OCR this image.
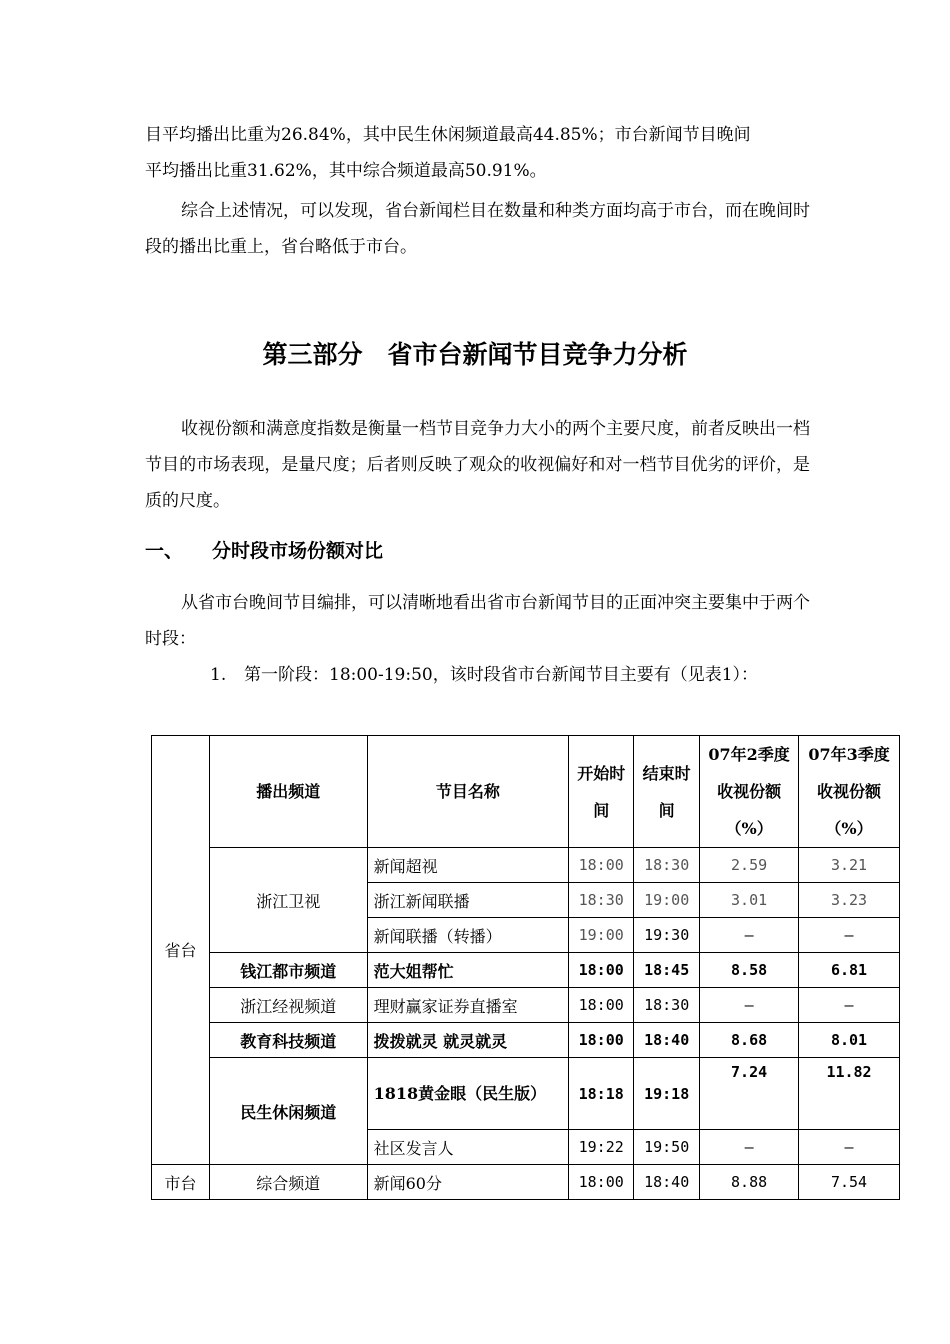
目平均播出比重为26.84%，其中民生休闲频道最高44.85%；市台新闻节目晚间
平均播出比重31.62%，其中综合频道最高50.91%。

综合上述情况，可以发现，省台新闻栏目在数量和种类方面均高于市台，而在晚间时段的播出比重上，省台略低于市台。

第三部分　省市台新闻节目竞争力分析

收视份额和满意度指数是衡量一档节目竞争力大小的两个主要尺度，前者反映出一档节目的市场表现，是量尺度；后者则反映了观众的收视偏好和对一档节目优劣的评价，是质的尺度。

一、 分时段市场份额对比

从省市台晚间节目编排，可以清晰地看出省市台新闻节目的正面冲突主要集中于两个时段：

1. 第一阶段：18:00-19:50，该时段省市台新闻节目主要有（见表1）：

省台	播出频道	节目名称	开始时间	结束时间	07年2季度收视份额（%）	07年3季度收视份额（%）
	浙江卫视	新闻超视	18:00	18:30	2.59	3.21
		浙江新闻联播	18:30	19:00	3.01	3.23
		新闻联播（转播）	19:00	19:30	–	–
	钱江都市频道	范大姐帮忙	18:00	18:45	8.58	6.81
	浙江经视频道	理财赢家证券直播室	18:00	18:30	–	–
	教育科技频道	拨拨就灵 就灵就灵	18:00	18:40	8.68	8.01
	民生休闲频道	1818黄金眼（民生版）	18:18	19:18	7.24	11.82
		社区发言人	19:22	19:50	–	–
市台	综合频道	新闻60分	18:00	18:40	8.88	7.54
